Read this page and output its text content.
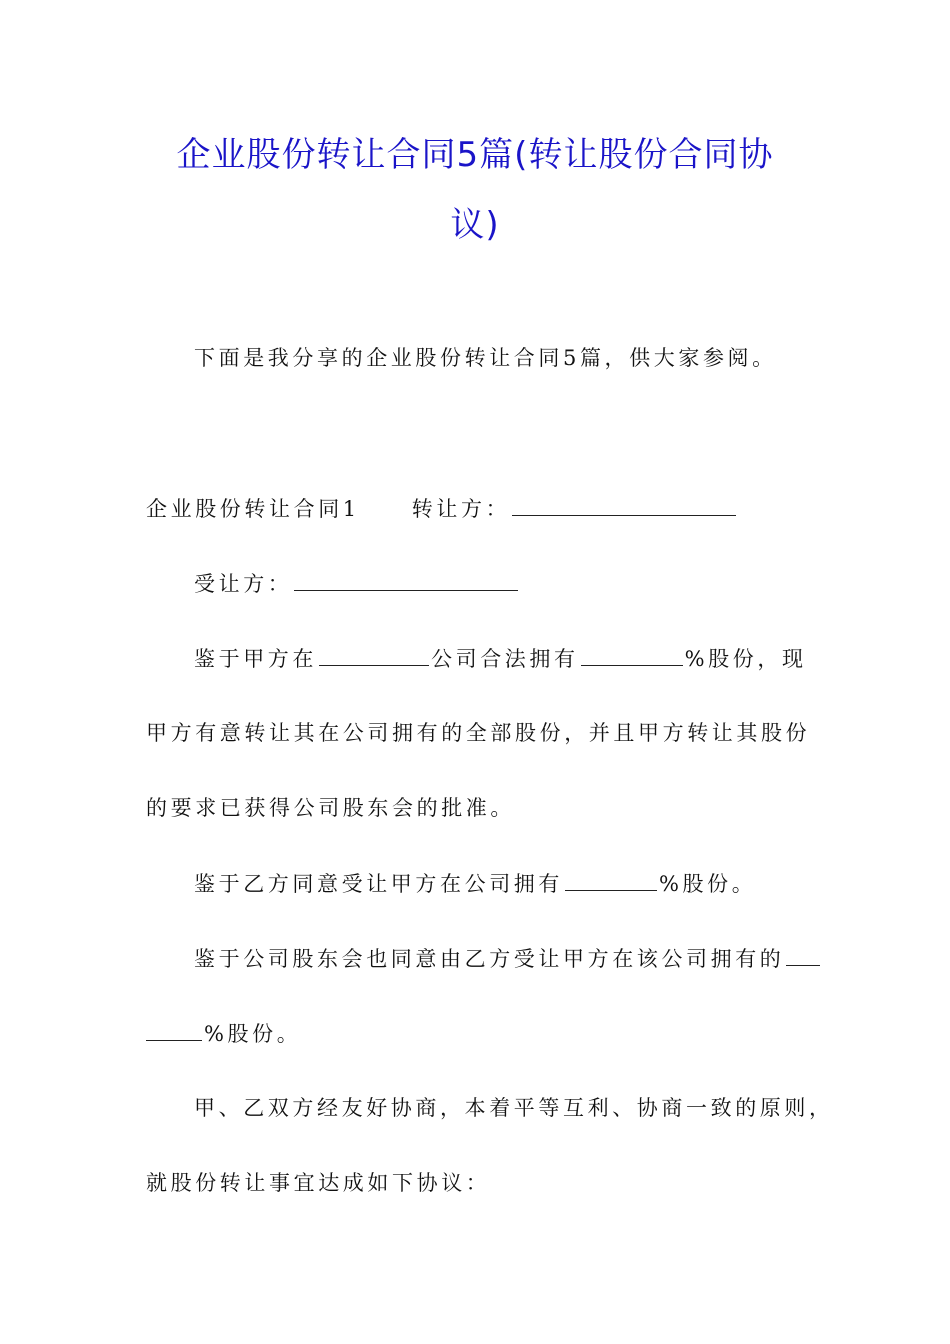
企业股份转让合同5篇(转让股份合同协
议)
下面是我分享的企业股份转让合同5篇，供大家参阅。
企业股份转让合同1 转让方：
受让方：
鉴于甲方在	公司合法拥有	%股份，现
甲方有意转让其在公司拥有的全部股份，并且甲方转让其股份
的要求已获得公司股东会的批准。
鉴于乙方同意受让甲方在公司拥有	%股份。
鉴于公司股东会也同意由乙方受让甲方在该公司拥有的
%股份。
甲、乙双方经友好协商，本着平等互利、协商一致的原则，
就股份转让事宜达成如下协议：
